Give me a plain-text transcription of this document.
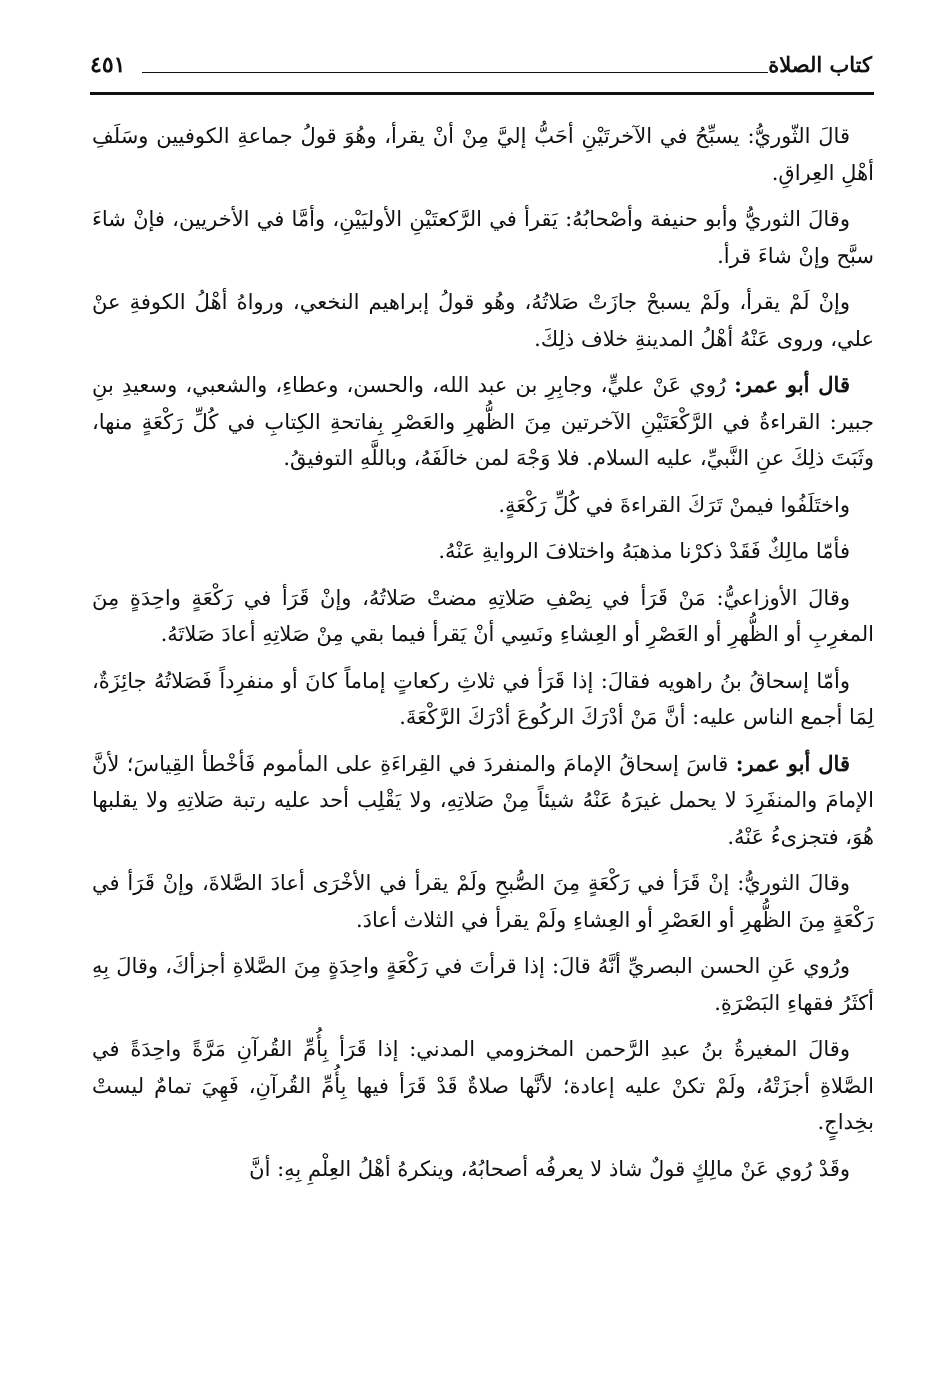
كتاب الصلاة
٤٥١

قالَ الثّوريُّ: يسبِّحُ في الآخرتَيْنِ أحَبُّ إليَّ مِنْ أنْ يقرأ، وهُوَ قولُ جماعةِ الكوفيين وسَلَفِ أهْلِ العِراقِ.

وقالَ الثوريُّ وأبو حنيفة وأصْحابُهُ: يَقرأ في الرَّكعتَيْنِ الأوليَيْنِ، وأمَّا في الأخريين، فإنْ شاءَ سبَّح وإنْ شاءَ قرأ.

وإنْ لَمْ يقرأ، ولَمْ يسبحْ جازَتْ صَلاتُهُ، وهُو قولُ إبراهيم النخعي، ورواهُ أهْلُ الكوفةِ عنْ علي، وروى عَنْهُ أهْلُ المدينةِ خلاف ذلِكَ.

قال أبو عمر: رُوي عَنْ عليٍّ، وجابِرِ بن عبد الله، والحسن، وعطاءِ، والشعبي، وسعيدِ بنِ جبير: القراءةُ في الرَّكْعَتَيْنِ الآخرتين مِنَ الظُّهرِ والعَصْرِ بِفاتحةِ الكِتابِ في كُلِّ رَكْعَةٍ منها، وثَبَتَ ذلِكَ عنِ النَّبيِّ، عليه السلام. فلا وَجْهَ لمن خالَفَهُ، وباللَّهِ التوفيقُ.

واختَلَفُوا فيمنْ تَرَكَ القراءةَ في كُلِّ رَكْعَةٍ.

فأمّا مالِكٌ فَقَدْ ذكرْنا مذهبَهُ واختلافَ الروايةِ عَنْهُ.

وقالَ الأوزاعيُّ: مَنْ قَرَأ في نِصْفِ صَلاتِهِ مضتْ صَلاتُهُ، وإنْ قَرَأ في رَكْعَةٍ واحِدَةٍ مِنَ المغرِبِ أو الظُّهرِ أو العَصْرِ أو العِشاءِ ونَسِي أنْ يَقرأ فيما بقي مِنْ صَلاتِهِ أعادَ صَلاتَهُ.

وأمّا إسحاقُ بنُ راهويه فقالَ: إذا قَرَأ في ثلاثِ ركعاتٍ إماماً كانَ أو منفرِداً فَصَلاتُهُ جائِزَةٌ، لِمَا أجمع الناس عليه: أنَّ مَنْ أدْرَكَ الركُوعَ أدْرَكَ الرَّكْعَةَ.

قال أبو عمر: قاسَ إسحاقُ الإمامَ والمنفردَ في القِراءَةِ على المأموم فَأخْطأ القِياسَ؛ لأنَّ الإمامَ والمنفَرِدَ لا يحمل غيرَهُ عَنْهُ شيئاً مِنْ صَلاتِهِ، ولا يَقْلِب أحد عليه رتبة صَلاتِهِ ولا يقلبها هُوَ، فتجزىءُ عَنْهُ.

وقالَ الثوريُّ: إنْ قَرَأ في رَكْعَةٍ مِنَ الصُّبحِ ولَمْ يقرأ في الأخْرَى أعادَ الصَّلاةَ، وإنْ قَرَأ في رَكْعَةٍ مِنَ الظُّهرِ أو العَصْرِ أو العِشاءِ ولَمْ يقرأ في الثلاث أعادَ.

ورُوي عَنِ الحسن البصريِّ أنَّهُ قالَ: إذا قرأتَ في رَكْعَةٍ واحِدَةٍ مِنَ الصَّلاةِ أجزأكَ، وقالَ بِهِ أكثَرُ فقهاءِ البَصْرَةِ.

وقالَ المغيرةُ بنُ عبدِ الرَّحمن المخزومي المدني: إذا قَرَأ بِأُمِّ القُرآنِ مَرَّةً واحِدَةً في الصَّلاةِ أجزَتْهُ، ولَمْ تكنْ عليه إعادة؛ لأنَّها صلاةٌ قَدْ قَرَأ فيها بِأُمِّ القُرآنِ، فَهِيَ تمامٌ ليستْ بخِداجٍ.

وقَدْ رُوي عَنْ مالِكٍ قولٌ شاذ لا يعرفُه أصحابُهُ، وينكرهُ أهْلُ العِلْمِ بِهِ: أنَّ
